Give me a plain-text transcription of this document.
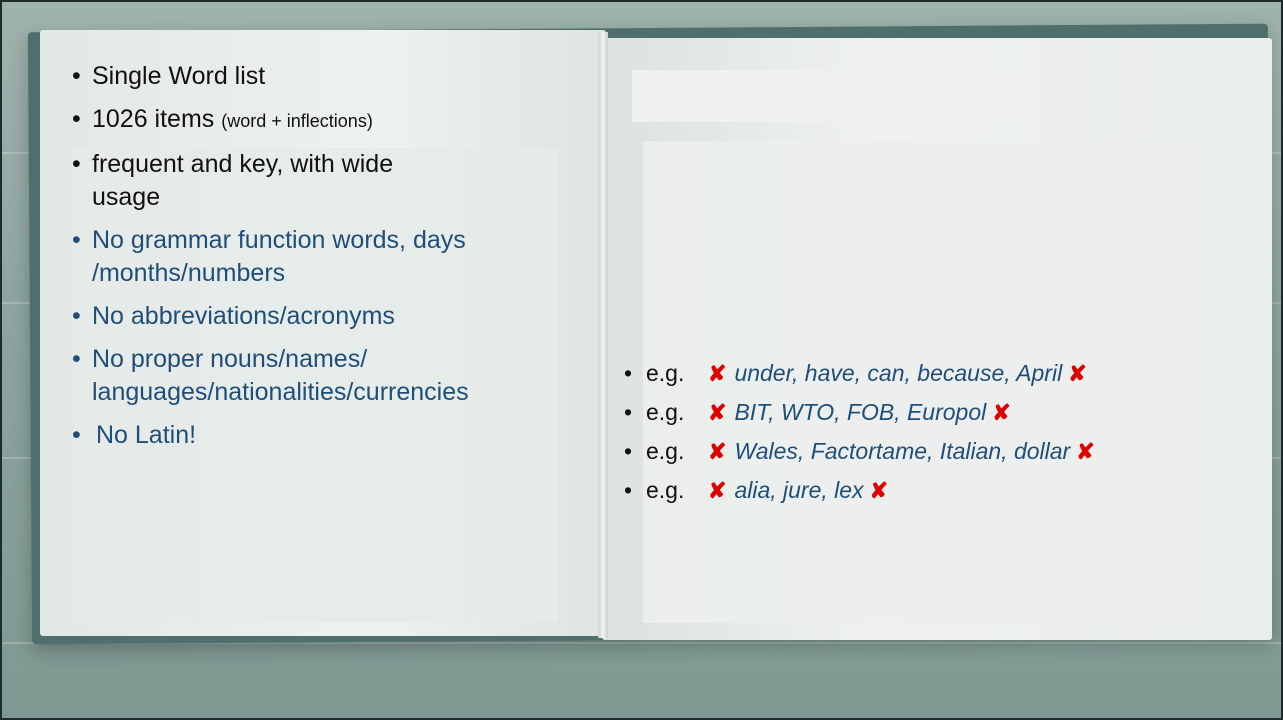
• Single Word list
• 1026 items (word + inflections)
• frequent and key, with wide
usage
• No grammar function words, days
/months/numbers
• No abbreviations/acronyms
• No proper nouns/names/
languages/nationalities/currencies
• No Latin!
• e.g. ✘ under, have, can, because, April ✘
• e.g. ✘ BIT, WTO, FOB, Europol ✘
• e.g. ✘ Wales, Factortame, Italian, dollar ✘
• e.g. ✘ alia, jure, lex ✘
